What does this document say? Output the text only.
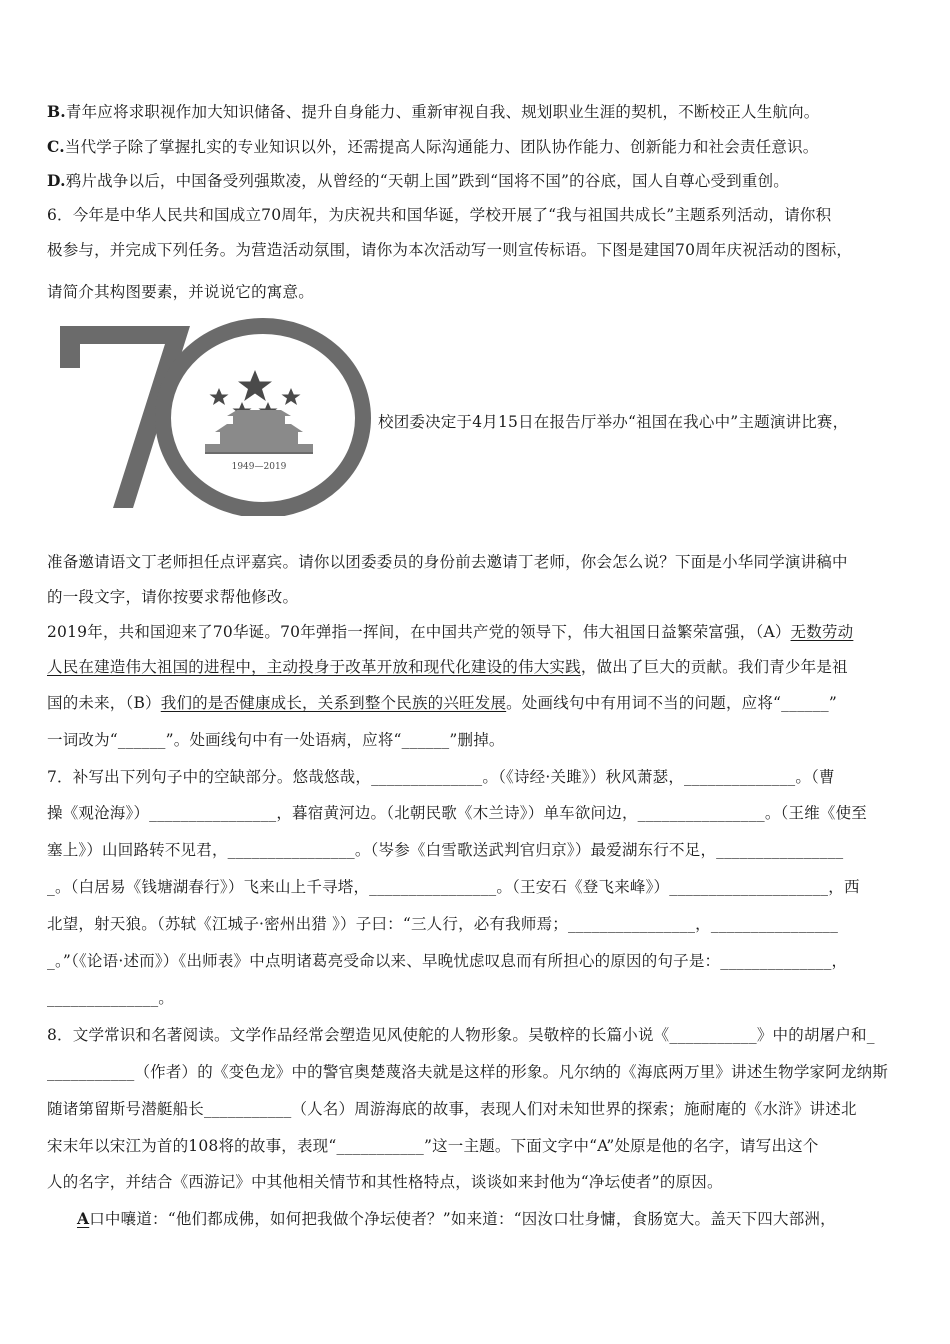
B.青年应将求职视作加大知识储备、提升自身能力、重新审视自我、规划职业生涯的契机，不断校正人生航向。
C.当代学子除了掌握扎实的专业知识以外，还需提高人际沟通能力、团队协作能力、创新能力和社会责任意识。
D.鸦片战争以后，中国备受列强欺凌，从曾经的“天朝上国”跌到“国将不国”的谷底，国人自尊心受到重创。
6．今年是中华人民共和国成立70周年，为庆祝共和国华诞，学校开展了“我与祖国共成长”主题系列活动，请你积
极参与，并完成下列任务。为营造活动氛围，请你为本次活动写一则宣传标语。下图是建国70周年庆祝活动的图标，
请简介其构图要素，并说说它的寓意。
1949—2019
校团委决定于4月15日在报告厅举办“祖国在我心中”主题演讲比赛，
准备邀请语文丁老师担任点评嘉宾。请你以团委委员的身份前去邀请丁老师，你会怎么说？下面是小华同学演讲稿中
的一段文字，请你按要求帮他修改。
2019年，共和国迎来了70华诞。70年弹指一挥间，在中国共产党的领导下，伟大祖国日益繁荣富强，（A）无数劳动
人民在建造伟大祖国的进程中，主动投身于改革开放和现代化建设的伟大实践，做出了巨大的贡献。我们青少年是祖
国的未来，（B）我们的是否健康成长，关系到整个民族的兴旺发展。处画线句中有用词不当的问题，应将“______”
一词改为“______”。处画线句中有一处语病，应将“______”删掉。
7．补写出下列句子中的空缺部分。悠哉悠哉，______________。（《诗经·关雎》）秋风萧瑟，______________。（曹
操《观沧海》）________________，暮宿黄河边。（北朝民歌《木兰诗》）单车欲问边，________________。（王维《使至
塞上》）山回路转不见君，________________。（岑参《白雪歌送武判官归京》）最爱湖东行不足，________________
_。（白居易《钱塘湖春行》）飞来山上千寻塔，________________。（王安石《登飞来峰》）____________________，西
北望，射天狼。（苏轼《江城子·密州出猎 》）子曰：“三人行，必有我师焉；________________，________________
_。”（《论语·述而》）《出师表》中点明诸葛亮受命以来、早晚忧虑叹息而有所担心的原因的句子是：______________，
______________。
8．文学常识和名著阅读。文学作品经常会塑造见风使舵的人物形象。吴敬梓的长篇小说《___________》中的胡屠户和_
___________（作者）的《变色龙》中的警官奥楚蔑洛夫就是这样的形象。凡尔纳的《海底两万里》讲述生物学家阿龙纳斯
随诸第留斯号潜艇船长___________（人名）周游海底的故事，表现人们对未知世界的探索；施耐庵的《水浒》讲述北
宋末年以宋江为首的108将的故事，表现“___________”这一主题。下面文字中“A”处原是他的名字，请写出这个
人的名字，并结合《西游记》中其他相关情节和其性格特点，谈谈如来封他为“净坛使者”的原因。
A口中嚷道：“他们都成佛，如何把我做个净坛使者？”如来道：“因汝口壮身慵，食肠宽大。盖天下四大部洲，
